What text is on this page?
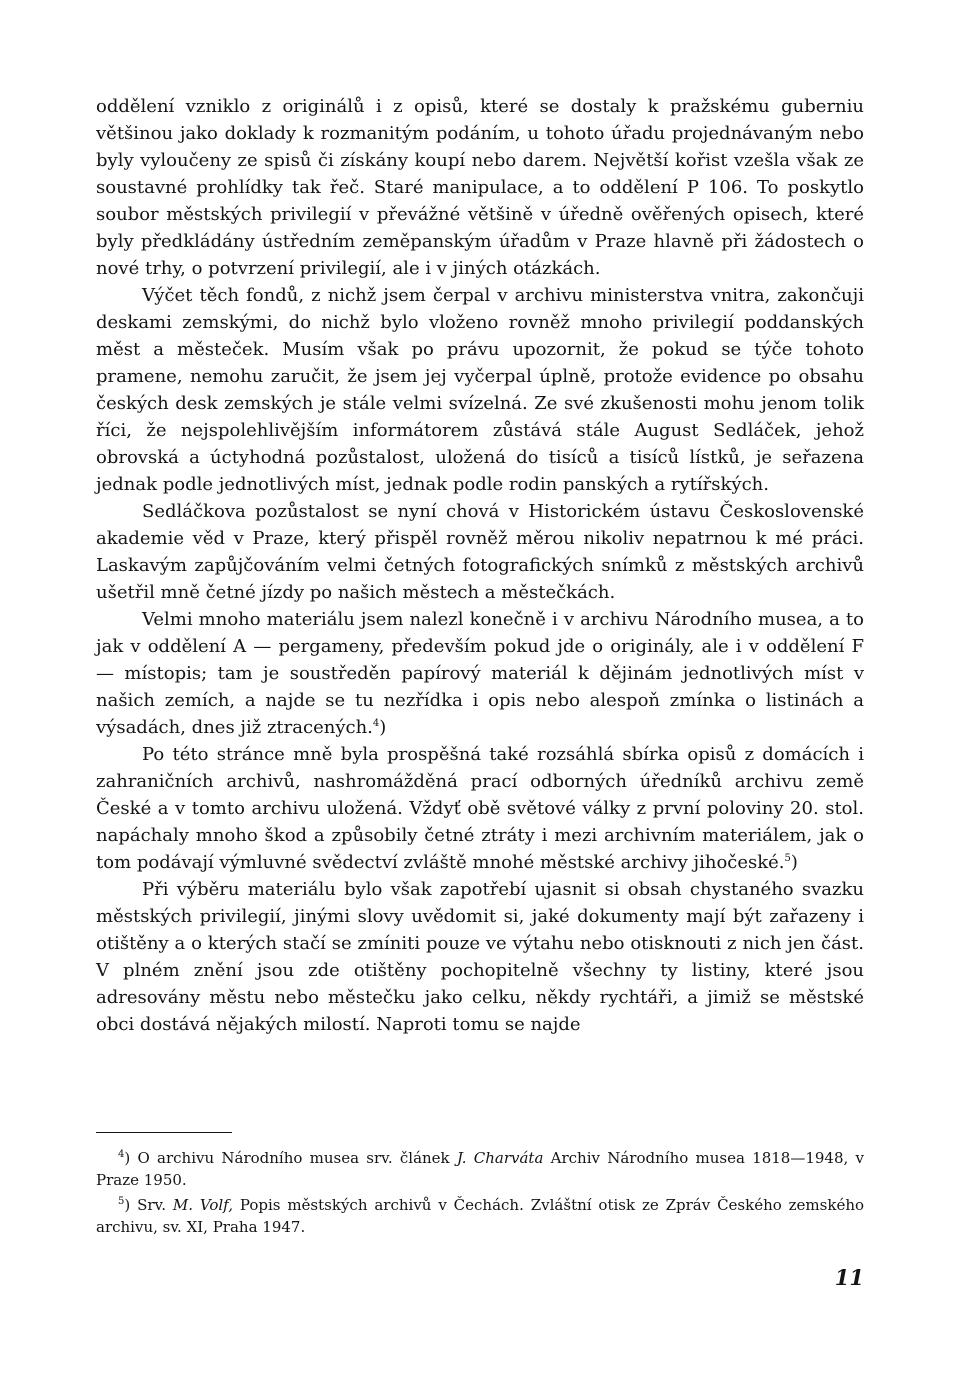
oddělení vzniklo z originálů i z opisů, které se dostaly k pražskému guberniu většinou jako doklady k rozmanitým podáním, u tohoto úřadu projednávaným nebo byly vyloučeny ze spisů či získány koupí nebo darem. Největší kořist vzešla však ze soustavné prohlídky tak řeč. Staré manipulace, a to oddělení P 106. To poskytlo soubor městských privilegií v převážné většině v úředně ověřených opisech, které byly předkládány ústředním zeměpanským úřadům v Praze hlavně při žádostech o nové trhy, o potvrzení privilegií, ale i v jiných otázkách.

Výčet těch fondů, z nichž jsem čerpal v archivu ministerstva vnitra, zakončuji deskami zemskými, do nichž bylo vloženo rovněž mnoho privilegií poddanských měst a městeček. Musím však po právu upozornit, že pokud se týče tohoto pramene, nemohu zaručit, že jsem jej vyčerpal úplně, protože evidence po obsahu českých desk zemských je stále velmi svízelná. Ze své zkušenosti mohu jenom tolik říci, že nejspolehlivějším informátorem zůstává stále August Sedláček, jehož obrovská a úctyhodná pozůstalost, uložená do tisíců a tisíců lístků, je seřazena jednak podle jednotlivých míst, jednak podle rodin panských a rytířských.

Sedláčkova pozůstalost se nyní chová v Historickém ústavu Československé akademie věd v Praze, který přispěl rovněž měrou nikoliv nepatrnou k mé práci. Laskavým zapůjčováním velmi četných fotografických snímků z městských archivů ušetřil mně četné jízdy po našich městech a městečkách.

Velmi mnoho materiálu jsem nalezl konečně i v archivu Národního musea, a to jak v oddělení A — pergameny, především pokud jde o originály, ale i v oddělení F — místopis; tam je soustředěn papírový materiál k dějinám jednotlivých míst v našich zemích, a najde se tu nezřídka i opis nebo alespoň zmínka o listinách a výsadách, dnes již ztracených.$^4$)

Po této stránce mně byla prospěšná také rozsáhlá sbírka opisů z domácích i zahraničních archivů, nashromážděná prací odborných úředníků archivu země České a v tomto archivu uložená. Vždyť obě světové války z první poloviny 20. stol. napáchaly mnoho škod a způsobily četné ztráty i mezi archivním materiálem, jak o tom podávají výmluvné svědectví zvláště mnohé městské archivy jihočeské.$^5$)

Při výběru materiálu bylo však zapotřebí ujasnit si obsah chystaného svazku městských privilegií, jinými slovy uvědomit si, jaké dokumenty mají být zařazeny i otištěny a o kterých stačí se zmíniti pouze ve výtahu nebo otisknouti z nich jen část. V plném znění jsou zde otištěny pochopitelně všechny ty listiny, které jsou adresovány městu nebo městečku jako celku, někdy rychtáři, a jimiž se městské obci dostává nějakých milostí. Naproti tomu se najde

$^4$) O archivu Národního musea srv. článek J. Charváta Archiv Národního musea 1818—1948, v Praze 1950.

$^5$) Srv. M. Volf, Popis městských archivů v Čechách. Zvláštní otisk ze Zpráv Českého zemského archivu, sv. XI, Praha 1947.

11
